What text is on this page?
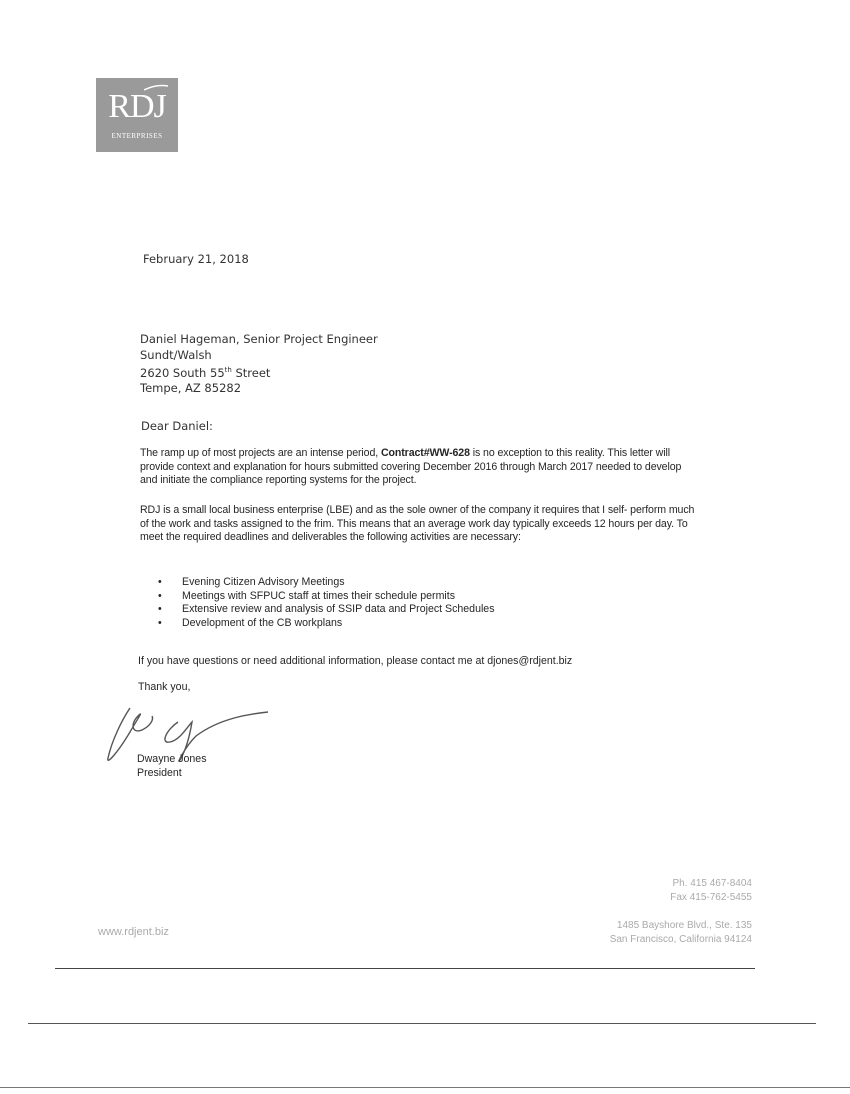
RDJ
ENTERPRISES
February 21, 2018
Daniel Hageman, Senior Project Engineer
Sundt/Walsh
2620 South 55th Street
Tempe, AZ 85282
Dear Daniel:
The ramp up of most projects are an intense period, Contract#WW-628 is no exception to this reality. This letter will provide context and explanation for hours submitted covering December 2016 through March 2017 needed to develop and initiate the compliance reporting systems for the project.
RDJ is a small local business enterprise (LBE) and as the sole owner of the company it requires that I self- perform much of the work and tasks assigned to the frim. This means that an average work day typically exceeds 12 hours per day. To meet the required deadlines and deliverables the following activities are necessary:
• Evening Citizen Advisory Meetings
• Meetings with SFPUC staff at times their schedule permits
• Extensive review and analysis of SSIP data and Project Schedules
• Development of the CB workplans
If you have questions or need additional information, please contact me at djones@rdjent.biz
Thank you,
Dwayne Jones
President
Ph. 415 467-8404
Fax 415-762-5455
1485 Bayshore Blvd., Ste. 135
San Francisco, California 94124
www.rdjent.biz
